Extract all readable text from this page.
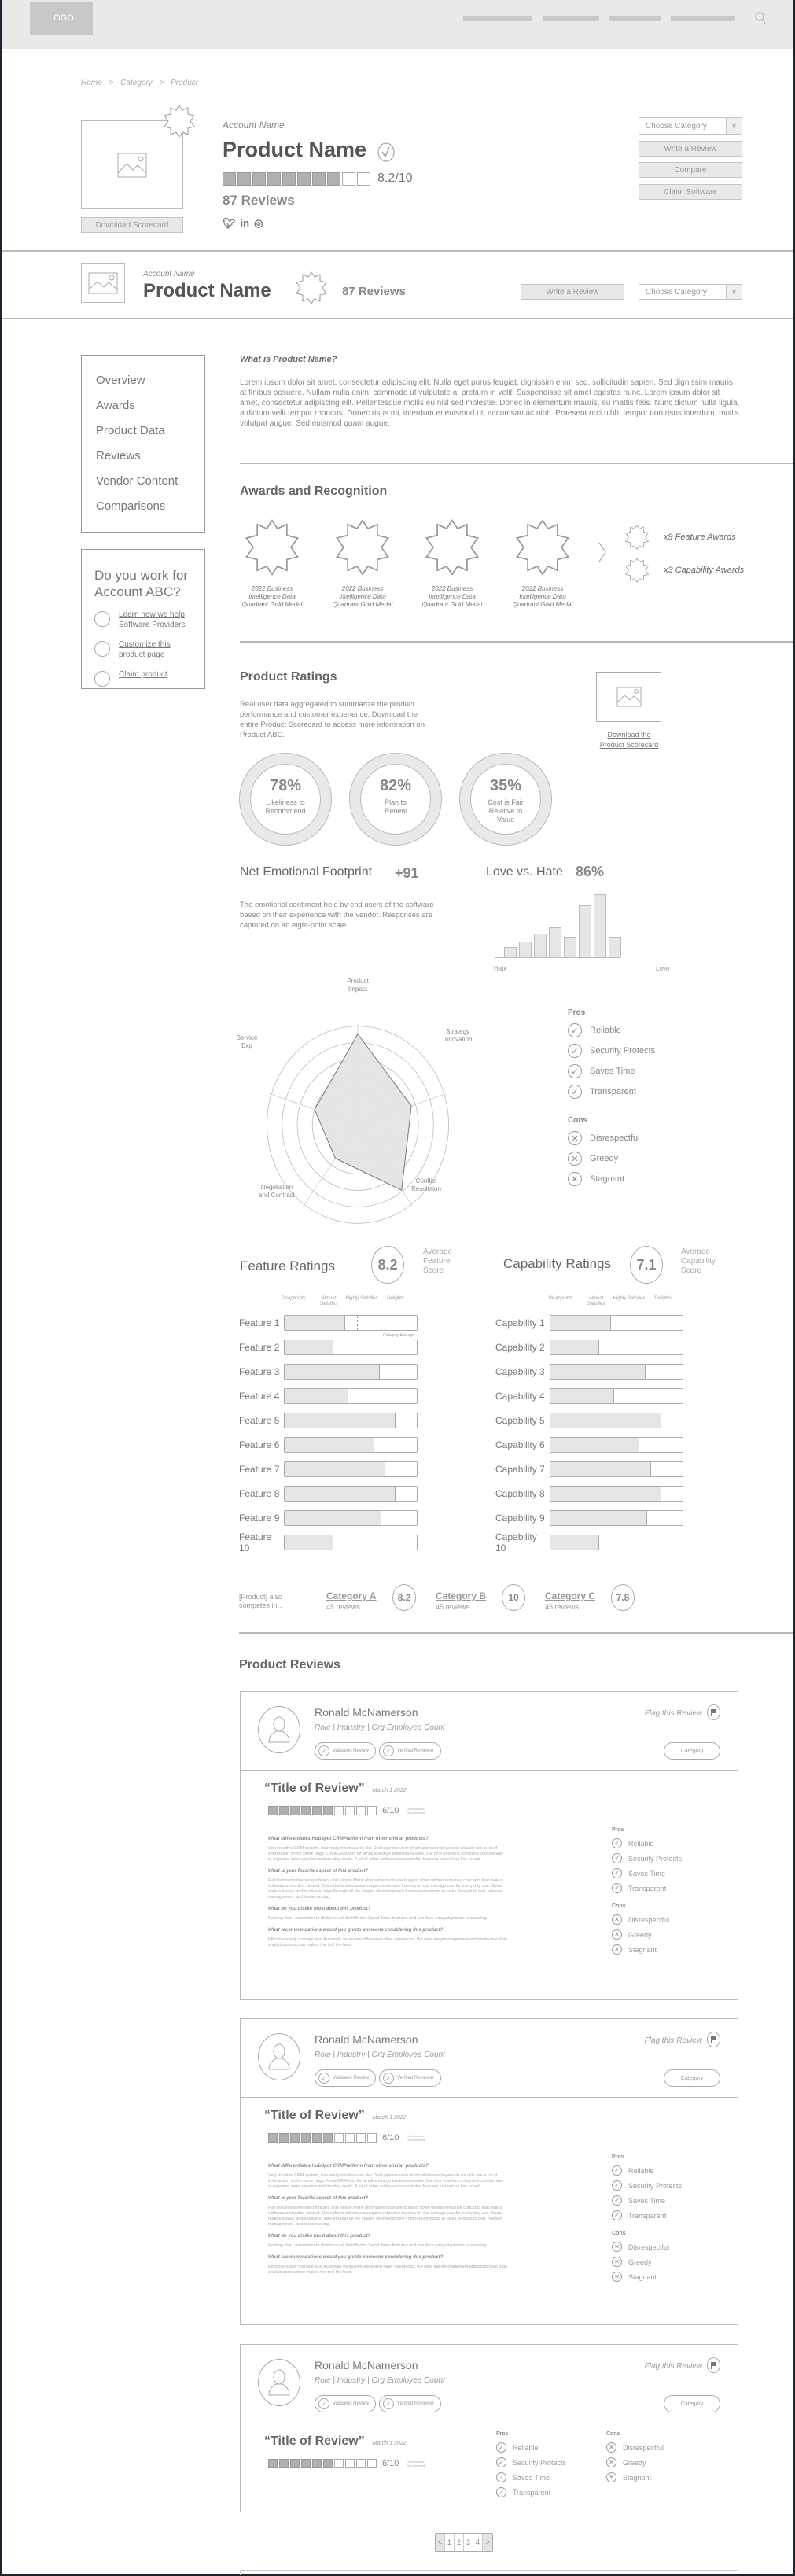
LOGO
Home > Category > Product
Download Scorecard
Account Name
Product Name
8.2/10
87 Reviews
🐦︎ in ◎
Choose Category	∨
Write a Review
Compare
Claim Software
Account Name
Product Name	87 Reviews	Write a Review	Choose Category	∨
Overview
Awards
Product Data
Reviews
Vendor Content
Comparisons
Do you work for Account ABC?
Learn how we help Software Providers
Customize this product page
Claim product
What is Product Name?
Lorem ipsum dolor sit amet, consectetur adipiscing elit. Nulla eget purus feugiat, dignissim enim sed, sollicitudin sapien. Sed dignissim mauris at finibus posuere. Nullam nulla enim, commodo ut vulputate a, pretium in velit. Suspendisse sit amet egestas nunc. Lorem ipsum dolor sit amet, consectetur adipiscing elit. Pellentesque mollis eu nisl sed molestie. Donec in elementum mauris, eu mattis felis. Nunc dictum nulla ligula, a dictum velit tempor rhoncus. Donec risus mi, interdum et euismod ut, accumsan ac nibh. Praesent orci nibh, tempor non risus interdum, mollis volutpat augue. Sed euismod quam augue.
Awards and Recognition
2022 Business Intelligence Data Quadrant Gold Medal
2022 Business Intelligence Data Quadrant Gold Medal
2022 Business Intelligence Data Quadrant Gold Medal
2022 Business Intelligence Data Quadrant Gold Medal
x9 Feature Awards
x3 Capability Awards
Product Ratings
Real user data aggregated to summarize the product performance and customer experience. Download the entire Product Scorecard to access more infomration on Product ABC.	Download the Product Scorecard
78%
Likeliness to Recommend
82%
Plan to Renew
35%
Cost is Fair Relative to Value
Net Emotional Footprint +91
The emotional sentiment held by end users of the software based on their experience with the vendor. Responses are captured on an eight-point scale.
Love vs. Hate 86%
Hate	Love
Product
Impact
Strategy
Innovation
Conflict
Resolution
Negotiation
and Contract
Service
Exp
Pros
✓	Reliable
✓	Security Protects
✓	Saves Time
✓	Transparent
Cons
✕	Disrespectful
✕	Greedy
✕	Stagnant
Feature Ratings	8.2
Average Feature Score
Disappoints	Almost Satisfies
Highly Satisfies	Delights
Category Average
Feature 1
Feature 2
Feature 3
Feature 4
Feature 5
Feature 6
Feature 7
Feature 8
Feature 9
Feature 10
Capability Ratings	7.1
Average Capability Score
Disappoints	Almost Satisfies
Highly Satisfies	Delights
Capability 1
Capability 2
Capability 3
Capability 4
Capability 5
Capability 6
Capability 7
Capability 8
Capability 9
Capability 10
[Product] also competes in...
Category A
45 reviews
8.2	Category B
45 reviews
10	Category C
45 reviews
7.8
Product Reviews
Ronald McNamerson
Role | Industry | Org Employee Count
✓	Validated Review	✓	Verified Reviewer
Flag this Review
Category
“Title of Review” March 1 2022
6/10	Likeliness to Recommend
What differentiates HubSpot CRMPlatform from other similar products?
Very intuitive CRM system, has really nicefeatures like Deal pipeline view which allowsemployees to visually see a lot of information onthe same page. GreatCRM tool for small andlarge businesses alike, like nice interface, clearand concise way to organise sales pipeline andcreating deals. A lot of other softwares havesimilar features just not as fine tuned.
What is your favorite aspect of this product?
Full featured whilebeing efficient and simple.Many alternative tools are bogged down withnon-intuitive concepts that makes softwareproduction slowed. Often these alternativesrequire extensive training for the average userfor every day use. Spira makes it easy andintuitive to take through all the stages ofdevelopment from requirements to tasks,through to test, release management, and issuetracking.
What do you dislike most about this product?
Nothing that I remember to dislike on all theInflectra Spiral Team features and interface easyadaptation is amazing.
What recommendations would you giveto someone considering this product?
Effective easily manage and Automate variousworkflow and other operations, the data easymanagement and productive data analyticsproduction makes the tool the best.
Pros
✓	Reliable
✓	Security Protects
✓	Saves Time
✓	Transparent
Cons
✕	Disrespectful
✕	Greedy
✕	Stagnant
Ronald McNamerson
Role | Industry | Org Employee Count
✓	Validated Review	✓	Verified Reviewer
Flag this Review
Category
“Title of Review” March 1 2022
6/10	Likeliness to Recommend
What differentiates HubSpot CRMPlatform from other similar products?
Very intuitive CRM system, has really nicefeatures like Deal pipeline view which allowsemployees to visually see a lot of information onthe same page. GreatCRM tool for small andlarge businesses alike, like nice interface, clearand concise way to organise sales pipeline andcreating deals. A lot of other softwares havesimilar features just not as fine tuned.
What is your favorite aspect of this product?
Full featured whilebeing efficient and simple.Many alternative tools are bogged down withnon-intuitive concepts that makes softwareproduction slowed. Often these alternativesrequire extensive training for the average userfor every day use. Spira makes it easy andintuitive to take through all the stages ofdevelopment from requirements to tasks,through to test, release management, and issuetracking.
What do you dislike most about this product?
Nothing that I remember to dislike on all theInflectra Spiral Team features and interface easyadaptation is amazing.
What recommendations would you giveto someone considering this product?
Effective easily manage and Automate variousworkflow and other operations, the data easymanagement and productive data analyticsproduction makes the tool the best.
Pros
✓	Reliable
✓	Security Protects
✓	Saves Time
✓	Transparent
Cons
✕	Disrespectful
✕	Greedy
✕	Stagnant
Ronald McNamerson
Role | Industry | Org Employee Count
✓	Validated Review	✓	Verified Reviewer
Flag this Review
Category
“Title of Review” March 1 2022
6/10	Likeliness to Recommend
Pros
✓	Reliable
✓	Security Protects
✓	Saves Time
✓	Transparent
Cons
✕	Disrespectful
✕	Greedy
✕	Stagnant
< 1 2 3 4 >
